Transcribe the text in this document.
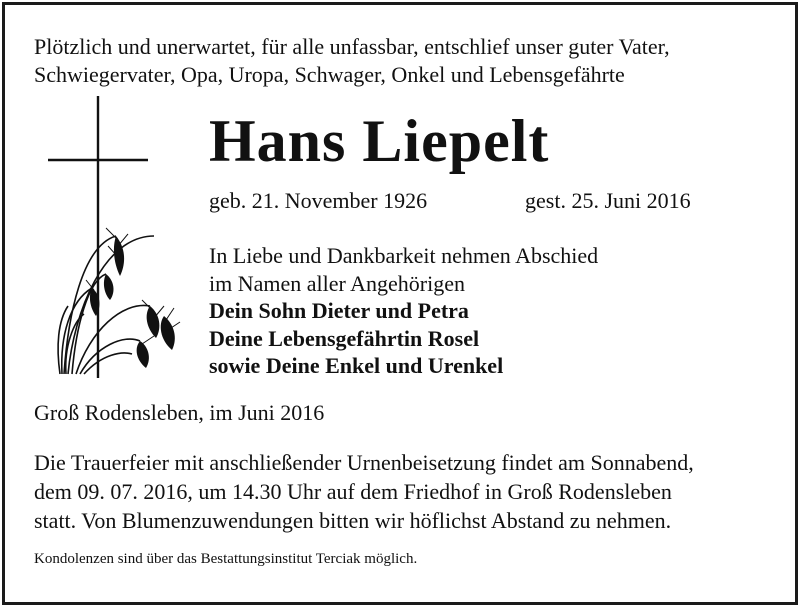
Plötzlich und unerwartet, für alle unfassbar, entschlief unser guter Vater,
Schwiegervater, Opa, Uropa, Schwager, Onkel und Lebensgefährte
Hans Liepelt
geb. 21. November 1926	gest. 25. Juni 2016
In Liebe und Dankbarkeit nehmen Abschied
im Namen aller Angehörigen
Dein Sohn Dieter und Petra
Deine Lebensgefährtin Rosel
sowie Deine Enkel und Urenkel
Groß Rodensleben, im Juni 2016
Die Trauerfeier mit anschließender Urnenbeisetzung findet am Sonnabend,
dem 09. 07. 2016, um 14.30 Uhr auf dem Friedhof in Groß Rodensleben
statt. Von Blumenzuwendungen bitten wir höflichst Abstand zu nehmen.
Kondolenzen sind über das Bestattungsinstitut Terciak möglich.
